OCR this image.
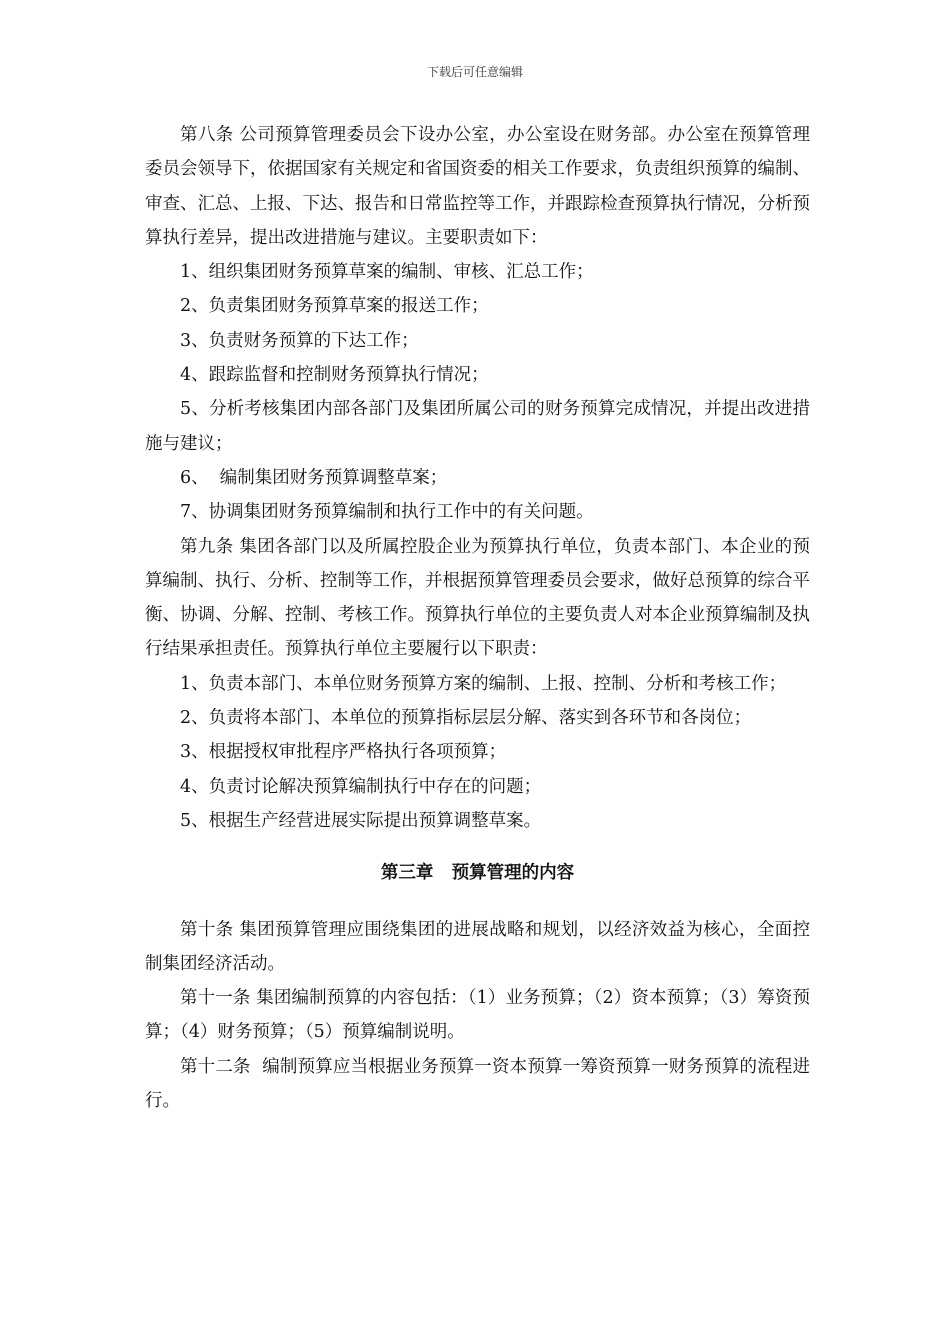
下载后可任意编辑

第八条 公司预算管理委员会下设办公室，办公室设在财务部。办公室在预算管理委员会领导下，依据国家有关规定和省国资委的相关工作要求，负责组织预算的编制、审查、汇总、上报、下达、报告和日常监控等工作，并跟踪检查预算执行情况，分析预算执行差异，提出改进措施与建议。主要职责如下：

1、组织集团财务预算草案的编制、审核、汇总工作；

2、负责集团财务预算草案的报送工作；

3、负责财务预算的下达工作；

4、跟踪监督和控制财务预算执行情况；

5、分析考核集团内部各部门及集团所属公司的财务预算完成情况，并提出改进措施与建议；

6、  编制集团财务预算调整草案；

7、协调集团财务预算编制和执行工作中的有关问题。

第九条 集团各部门以及所属控股企业为预算执行单位，负责本部门、本企业的预算编制、执行、分析、控制等工作，并根据预算管理委员会要求，做好总预算的综合平衡、协调、分解、控制、考核工作。预算执行单位的主要负责人对本企业预算编制及执行结果承担责任。预算执行单位主要履行以下职责：

1、负责本部门、本单位财务预算方案的编制、上报、控制、分析和考核工作；

2、负责将本部门、本单位的预算指标层层分解、落实到各环节和各岗位；

3、根据授权审批程序严格执行各项预算；

4、负责讨论解决预算编制执行中存在的问题；

5、根据生产经营进展实际提出预算调整草案。

第三章   预算管理的内容

第十条 集团预算管理应围绕集团的进展战略和规划，以经济效益为核心，全面控制集团经济活动。

第十一条 集团编制预算的内容包括：（1）业务预算；（2）资本预算；（3）筹资预算；（4）财务预算；（5）预算编制说明。

第十二条  编制预算应当根据业务预算一资本预算一筹资预算一财务预算的流程进行。
